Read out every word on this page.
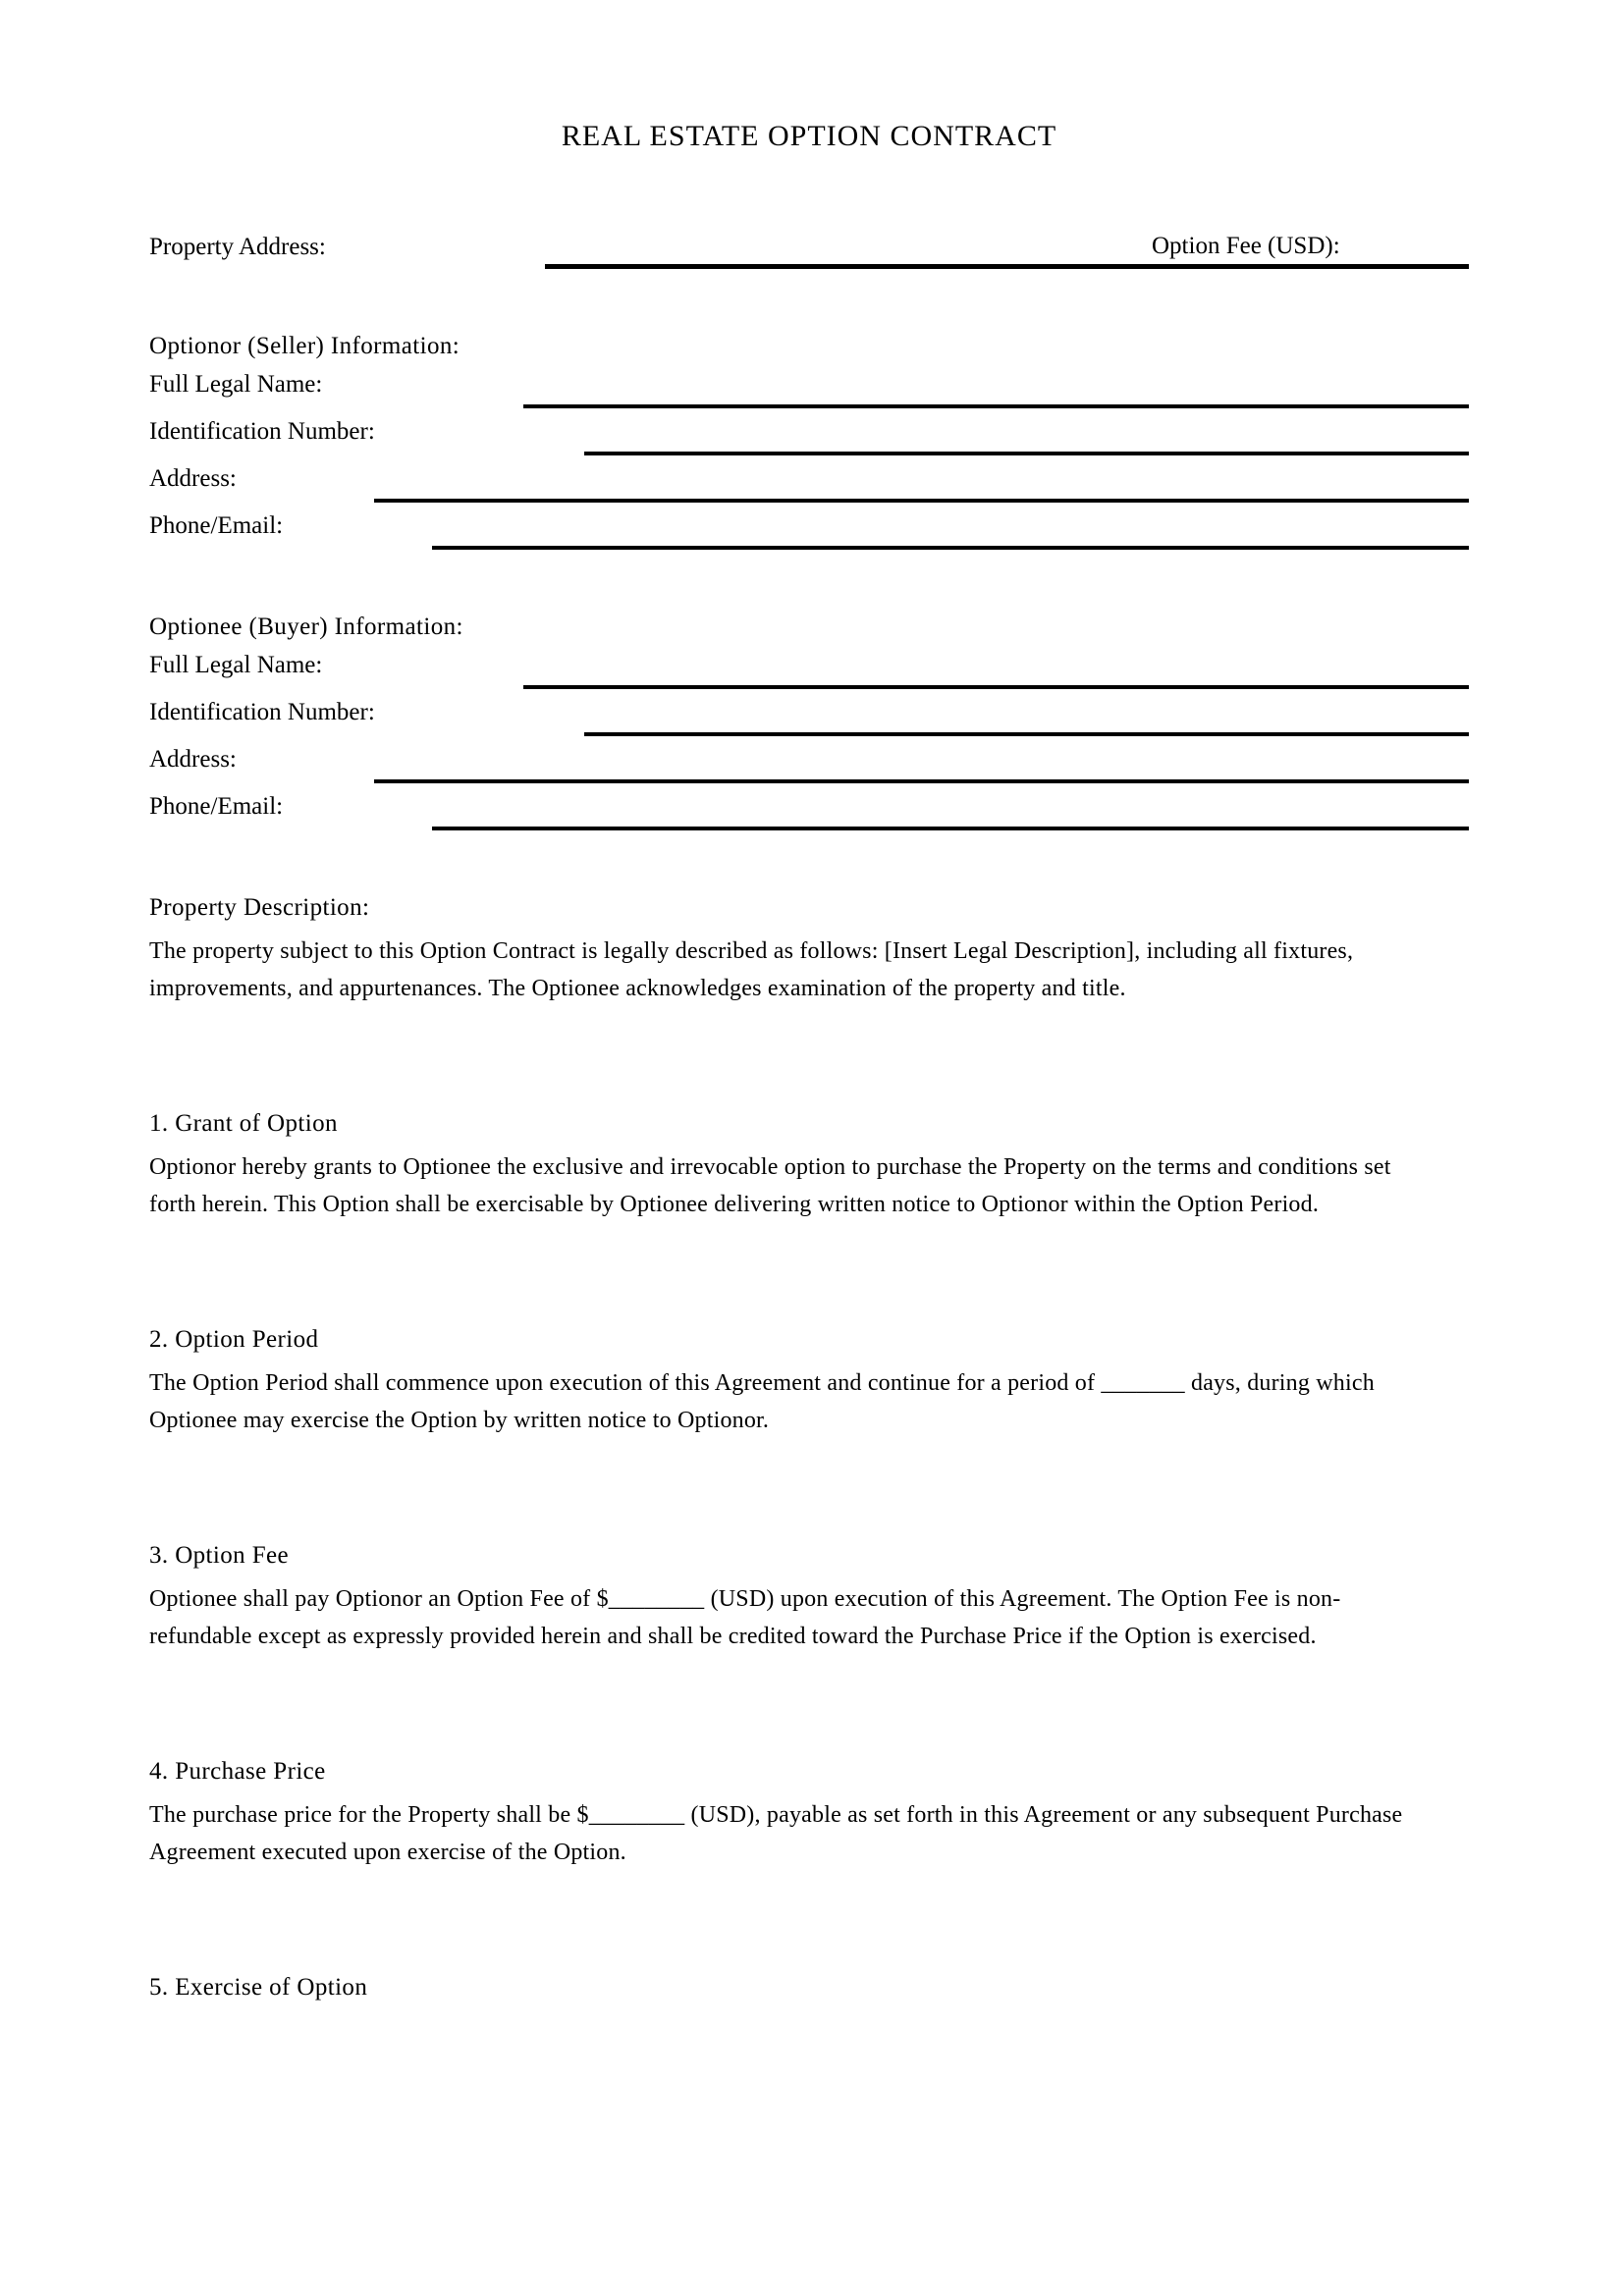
REAL ESTATE OPTION CONTRACT
Property Address:	Option Fee (USD):
Optionor (Seller) Information:
Full Legal Name:
Identification Number:
Address:
Phone/Email:
Optionee (Buyer) Information:
Full Legal Name:
Identification Number:
Address:
Phone/Email:
Property Description:

The property subject to this Option Contract is legally described as follows: [Insert Legal Description], including all fixtures, improvements, and appurtenances. The Optionee acknowledges examination of the property and title.

1. Grant of Option

Optionor hereby grants to Optionee the exclusive and irrevocable option to purchase the Property on the terms and conditions set forth herein. This Option shall be exercisable by Optionee delivering written notice to Optionor within the Option Period.

2. Option Period

The Option Period shall commence upon execution of this Agreement and continue for a period of _______ days, during which Optionee may exercise the Option by written notice to Optionor.

3. Option Fee

Optionee shall pay Optionor an Option Fee of $________ (USD) upon execution of this Agreement. The Option Fee is non-refundable except as expressly provided herein and shall be credited toward the Purchase Price if the Option is exercised.

4. Purchase Price

The purchase price for the Property shall be $________ (USD), payable as set forth in this Agreement or any subsequent Purchase Agreement executed upon exercise of the Option.

5. Exercise of Option
